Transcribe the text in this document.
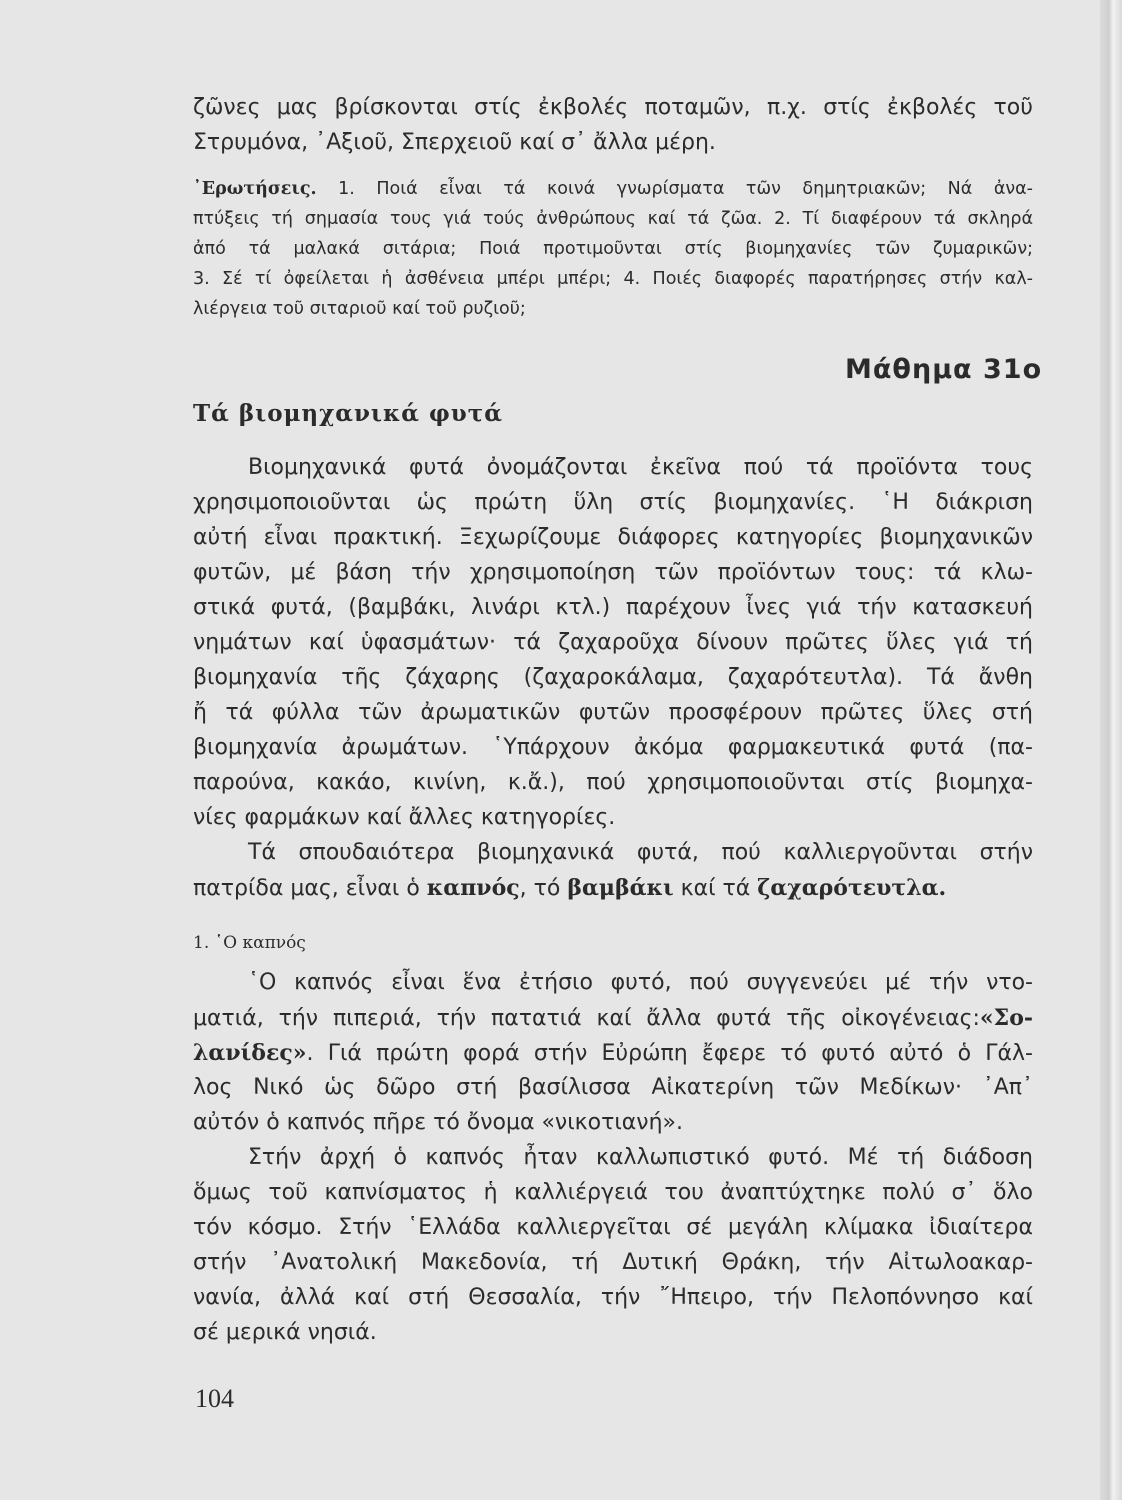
ζῶνες μας βρίσκονται στίς ἐκβολές ποταμῶν, π.χ. στίς ἐκβολές τοῦ
Στρυμόνα, ᾿Αξιοῦ, Σπερχειοῦ καί σ᾿ ἄλλα μέρη.
᾿Ερωτήσεις. 1. Ποιά εἶναι τά κοινά γνωρίσματα τῶν δημητριακῶν; Νά ἀνα-
πτύξεις τή σημασία τους γιά τούς ἀνθρώπους καί τά ζῶα. 2. Τί διαφέρουν τά σκληρά
ἀπό τά μαλακά σιτάρια; Ποιά προτιμοῦνται στίς βιομηχανίες τῶν ζυμαρικῶν;
3. Σέ τί ὀφείλεται ἡ ἀσθένεια μπέρι μπέρι; 4. Ποιές διαφορές παρατήρησες στήν καλ-
λιέργεια τοῦ σιταριοῦ καί τοῦ ρυζιοῦ;
Μάθημα 31ο
Τά βιομηχανικά φυτά
Βιομηχανικά φυτά ὀνομάζονται ἐκεῖνα πού τά προϊόντα τους
χρησιμοποιοῦνται ὡς πρώτη ὕλη στίς βιομηχανίες. ῾Η διάκριση
αὐτή εἶναι πρακτική. Ξεχωρίζουμε διάφορες κατηγορίες βιομηχανικῶν
φυτῶν, μέ βάση τήν χρησιμοποίηση τῶν προϊόντων τους: τά κλω-
στικά φυτά, (βαμβάκι, λινάρι κτλ.) παρέχουν ἶνες γιά τήν κατασκευή
νημάτων καί ὑφασμάτων· τά ζαχαροῦχα δίνουν πρῶτες ὕλες γιά τή
βιομηχανία τῆς ζάχαρης (ζαχαροκάλαμα, ζαχαρότευτλα). Τά ἄνθη
ἤ τά φύλλα τῶν ἀρωματικῶν φυτῶν προσφέρουν πρῶτες ὕλες στή
βιομηχανία ἀρωμάτων. ῾Υπάρχουν ἀκόμα φαρμακευτικά φυτά (πα-
παρούνα, κακάο, κινίνη, κ.ἄ.), πού χρησιμοποιοῦνται στίς βιομηχα-
νίες φαρμάκων καί ἄλλες κατηγορίες.
Τά σπουδαιότερα βιομηχανικά φυτά, πού καλλιεργοῦνται στήν
πατρίδα μας, εἶναι ὁ καπνός, τό βαμβάκι καί τά ζαχαρότευτλα.
1. ῾Ο καπνός
῾Ο καπνός εἶναι ἕνα ἐτήσιο φυτό, πού συγγενεύει μέ τήν ντο-
ματιά, τήν πιπεριά, τήν πατατιά καί ἄλλα φυτά τῆς οἰκογένειας:«Σο-
λανίδες». Γιά πρώτη φορά στήν Εὐρώπη ἔφερε τό φυτό αὐτό ὁ Γάλ-
λος Νικό ὡς δῶρο στή βασίλισσα Αἰκατερίνη τῶν Μεδίκων· ᾿Απ᾿
αὐτόν ὁ καπνός πῆρε τό ὄνομα «νικοτιανή».
Στήν ἀρχή ὁ καπνός ἦταν καλλωπιστικό φυτό. Μέ τή διάδοση
ὅμως τοῦ καπνίσματος ἡ καλλιέργειά του ἀναπτύχτηκε πολύ σ᾿ ὅλο
τόν κόσμο. Στήν ῾Ελλάδα καλλιεργεῖται σέ μεγάλη κλίμακα ἰδιαίτερα
στήν ᾿Ανατολική Μακεδονία, τή Δυτική Θράκη, τήν Αἰτωλοακαρ-
νανία, ἀλλά καί στή Θεσσαλία, τήν ῎Ηπειρο, τήν Πελοπόννησο καί
σέ μερικά νησιά.
104
